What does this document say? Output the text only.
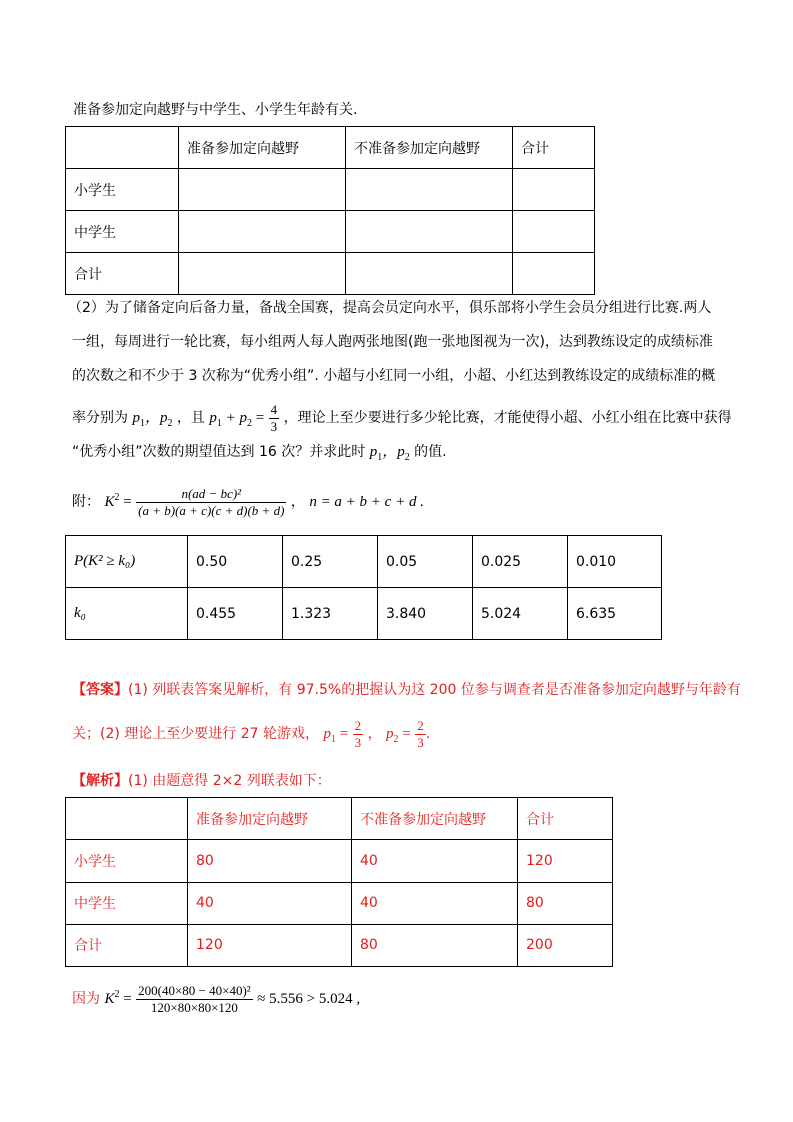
准备参加定向越野与中学生、小学生年龄有关.
	准备参加定向越野	不准备参加定向越野	合计
小学生			
中学生			
合计			
（2）为了储备定向后备力量，备战全国赛，提高会员定向水平，俱乐部将小学生会员分组进行比赛.两人
一组，每周进行一轮比赛，每小组两人每人跑两张地图(跑一张地图视为一次)，达到教练设定的成绩标准
的次数之和不少于 3 次称为“优秀小组”. 小超与小红同一小组，小超、小红达到教练设定的成绩标准的概
率分别为 $p_1$，$p_2$ ，且 $p_1 + p_2 = \frac{4}{3}$ ，理论上至少要进行多少轮比赛，才能使得小超、小红小组在比赛中获得
“优秀小组”次数的期望值达到 16 次？并求此时 $p_1$，$p_2$ 的值.
附： $K^2 = \frac{\text{n(ad − bc)²}}{(a + b)(a + c)(c + d)(b + d)}$ ， n = a + b + c + d .
P(K² ≥ k₀)	0.50	0.25	0.05	0.025	0.010
k₀	0.455	1.323	3.840	5.024	6.635
【答案】(1) 列联表答案见解析，有 97.5%的把握认为这 200 位参与调查者是否准备参加定向越野与年龄有
关；(2) 理论上至少要进行 27 轮游戏， $p_1 = \frac{2}{3}$ ， $p_2 = \frac{2}{3}$ .
【解析】(1) 由题意得 2×2 列联表如下：
	准备参加定向越野	不准备参加定向越野	合计
小学生	80	40	120
中学生	40	40	80
合计	120	80	200
因为 $K^2 = \frac{\text{200(40×80 − 40×40)²}}{120\times 80\times 80\times 120} \approx 5.556 > 5.024$ ,
